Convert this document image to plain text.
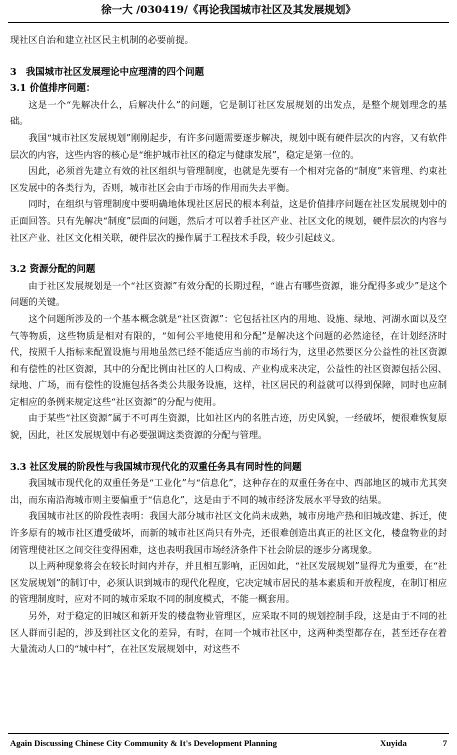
徐一大 /030419/《再论我国城市社区及其发展规划》
现社区自治和建立社区民主机制的必要前提。
3　我国城市社区发展理论中应理清的四个问题
3.1 价值排序问题：
这是一个“先解决什么，后解决什么”的问题，它是制订社区发展规划的出发点，是整个规划理念的基础。
我国“城市社区发展规划”刚刚起步，有许多问题需要逐步解决，规划中既有硬件层次的内容，又有软件层次的内容，这些内容的核心是“维护城市社区的稳定与健康发展”，稳定是第一位的。
因此，必须首先建立有效的社区组织与管理制度，也就是先要有一个相对完备的“制度”来管理、约束社区发展中的各类行为，否则，城市社区会由于市场的作用而失去平衡。
同时，在组织与管理制度中要明确地体现社区居民的根本利益，这是价值排序问题在社区发展规划中的正面回答。只有先解决“制度”层面的问题，然后才可以着手社区产业、社区文化的规划，硬件层次的内容与社区产业、社区文化相关联，硬件层次的操作属于工程技术手段，较少引起歧义。
3.2 资源分配的问题
由于社区发展规划是一个“社区资源”有效分配的长期过程，“谁占有哪些资源，谁分配得多或少”是这个问题的关键。
这个问题所涉及的一个基本概念就是“社区资源”：它包括社区内的用地、设施、绿地、河湖水面以及空气等物质，这些物质是相对有限的，“如何公平地使用和分配”是解决这个问题的必然途径，在计划经济时代，按照千人指标来配置设施与用地虽然已经不能适应当前的市场行为，这里必然要区分公益性的社区资源和有偿性的社区资源，其中的分配比例由社区的人口构成、产业构成来决定，公益性的社区资源包括公园、绿地、广场，而有偿性的设施包括各类公共服务设施，这样，社区居民的利益就可以得到保障，同时也应制定相应的条例来规定这些“社区资源”的分配与使用。
由于某些“社区资源”属于不可再生资源，比如社区内的名胜古迹，历史风貌，一经破坏，便很难恢复原貌，因此，社区发展规划中有必要强调这类资源的分配与管理。
3.3 社区发展的阶段性与我国城市现代化的双重任务具有同时性的问题
我国城市现代化的双重任务是“工业化”与“信息化”，这种存在的双重任务在中、西部地区的城市尤其突出，而东南沿海城市则主要偏重于“信息化”，这是由于不同的城市经济发展水平导致的结果。
我国城市社区的阶段性表明：我国大部分城市社区文化尚未成熟，城市房地产热和旧城改建、拆迁，使许多原有的城市社区遭受破坏，而新的城市社区尚只有外壳，还很难创造出真正的社区文化，楼盘物业的封闭管理使社区之间交往变得困难，这也表明我国市场经济条件下社会阶层的逐步分离现象。
以上两种现象将会在较长时间内并存，并且相互影响，正因如此，“社区发展规划”显得尤为重要，在“社区发展规划”的制订中，必须认识到城市的现代化程度，它决定城市居民的基本素质和开放程度，在制订相应的管理制度时，应对不同的城市采取不同的制度模式，不能一概套用。
另外，对于稳定的旧城区和新开发的楼盘物业管理区，应采取不同的规划控制手段，这是由于不同的社区人群而引起的，涉及到社区文化的差异，有时，在同一个城市社区中，这两种类型都存在，甚至还存在着大量流动人口的“城中村”，在社区发展规划中，对这些不
Again Discussing Chinese City Community & It's Development Planning	Xuyida	7
